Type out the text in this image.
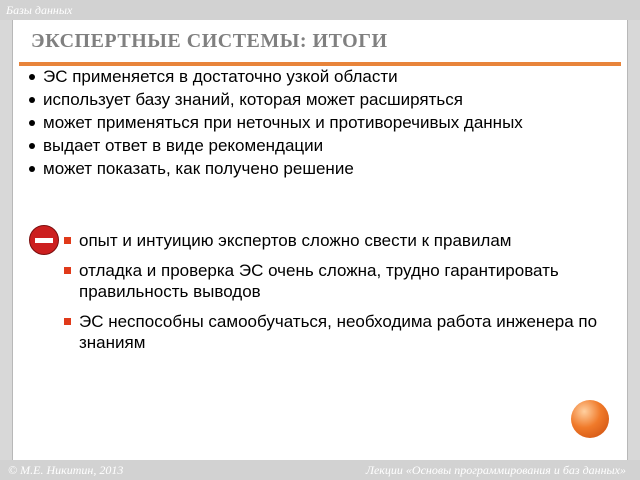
Базы данных
41
ЭКСПЕРТНЫЕ СИСТЕМЫ: ИТОГИ
ЭС применяется в достаточно узкой области
использует базу знаний, которая может расширяться
может применяться при неточных и противоречивых данных
выдает ответ в виде рекомендации
может показать, как получено решение
опыт и интуицию экспертов сложно свести к правилам
отладка и проверка ЭС очень сложна, трудно гарантировать правильность выводов
ЭС неспособны самообучаться, необходима работа инженера по знаниям
© М.Е. Никитин, 2013	Лекции «Основы программирования и баз данных»
